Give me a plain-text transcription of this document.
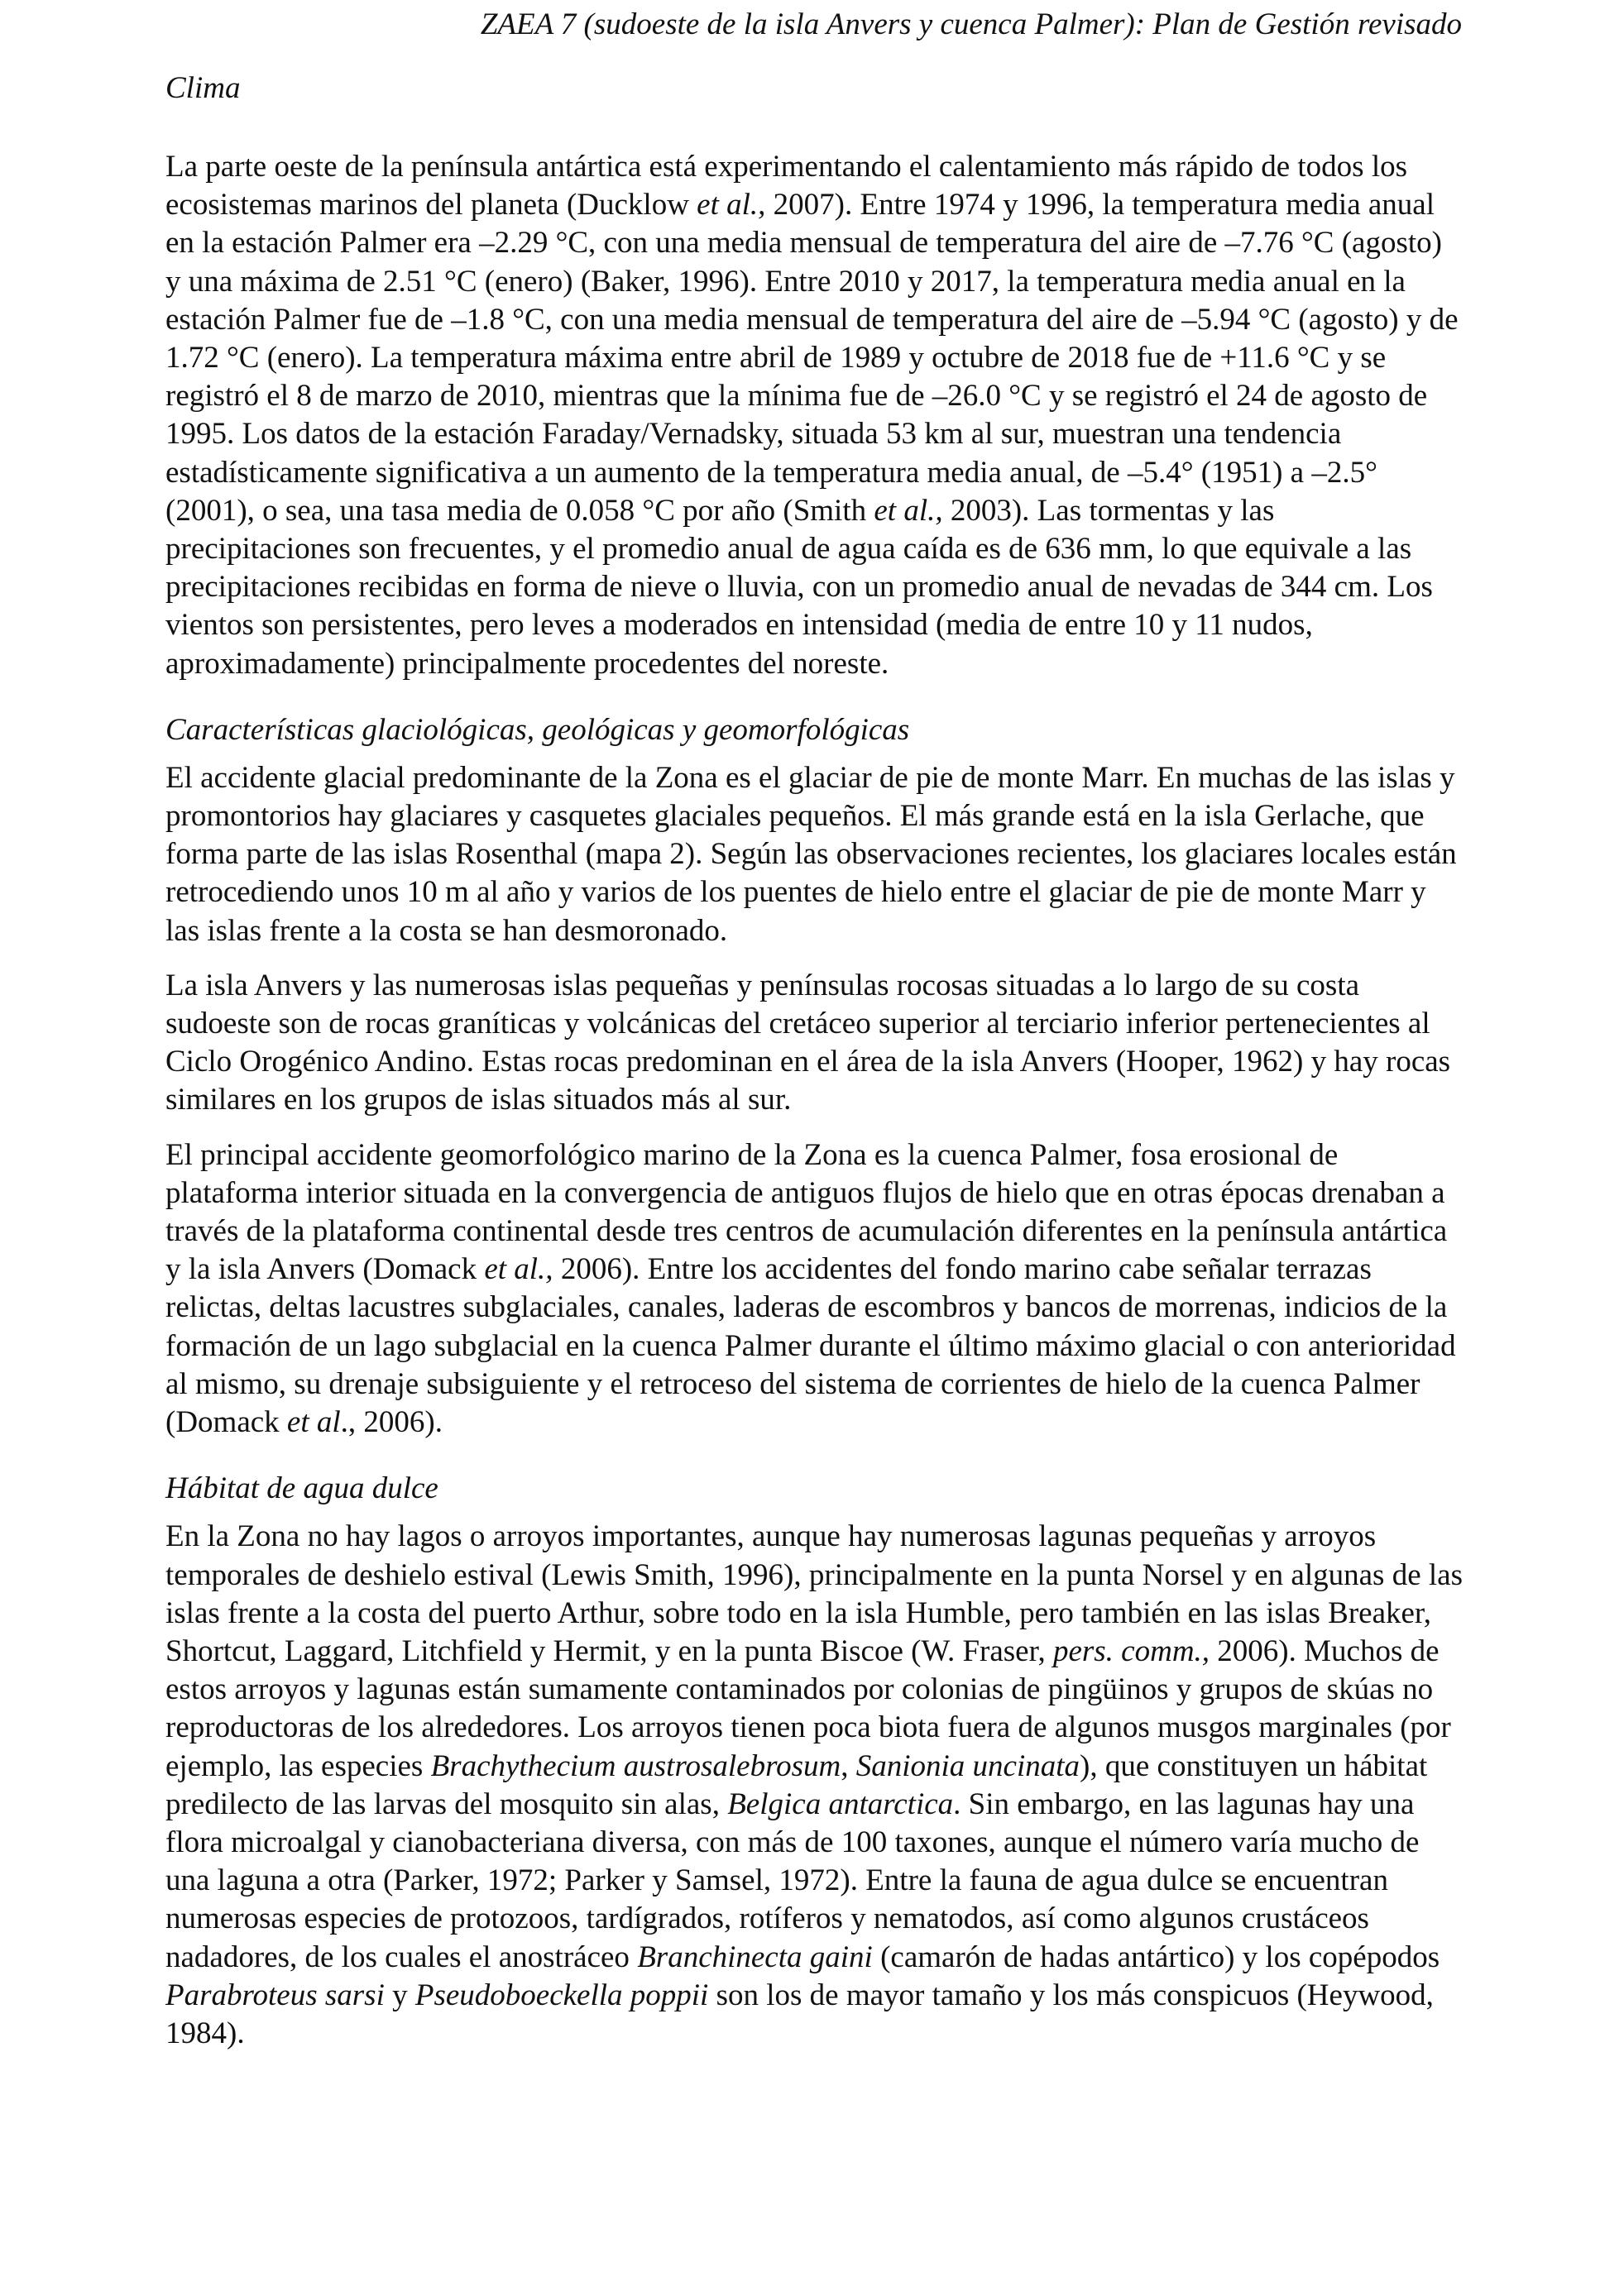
ZAEA 7 (sudoeste de la isla Anvers y cuenca Palmer): Plan de Gestión revisado
Clima

La parte oeste de la península antártica está experimentando el calentamiento más rápido de todos los ecosistemas marinos del planeta (Ducklow et al., 2007). Entre 1974 y 1996, la temperatura media anual en la estación Palmer era –2.29 °C, con una media mensual de temperatura del aire de –7.76 °C (agosto) y una máxima de 2.51 °C (enero) (Baker, 1996). Entre 2010 y 2017, la temperatura media anual en la estación Palmer fue de –1.8 °C, con una media mensual de temperatura del aire de –5.94 °C (agosto) y de 1.72 °C (enero). La temperatura máxima entre abril de 1989 y octubre de 2018 fue de +11.6 °C y se registró el 8 de marzo de 2010, mientras que la mínima fue de –26.0 °C y se registró el 24 de agosto de 1995. Los datos de la estación Faraday/Vernadsky, situada 53 km al sur, muestran una tendencia estadísticamente significativa a un aumento de la temperatura media anual, de –5.4° (1951) a –2.5° (2001), o sea, una tasa media de 0.058 °C por año (Smith et al., 2003). Las tormentas y las precipitaciones son frecuentes, y el promedio anual de agua caída es de 636 mm, lo que equivale a las precipitaciones recibidas en forma de nieve o lluvia, con un promedio anual de nevadas de 344 cm. Los vientos son persistentes, pero leves a moderados en intensidad (media de entre 10 y 11 nudos, aproximadamente) principalmente procedentes del noreste.

Características glaciológicas, geológicas y geomorfológicas

El accidente glacial predominante de la Zona es el glaciar de pie de monte Marr. En muchas de las islas y promontorios hay glaciares y casquetes glaciales pequeños. El más grande está en la isla Gerlache, que forma parte de las islas Rosenthal (mapa 2). Según las observaciones recientes, los glaciares locales están retrocediendo unos 10 m al año y varios de los puentes de hielo entre el glaciar de pie de monte Marr y las islas frente a la costa se han desmoronado.

La isla Anvers y las numerosas islas pequeñas y penínsulas rocosas situadas a lo largo de su costa sudoeste son de rocas graníticas y volcánicas del cretáceo superior al terciario inferior pertenecientes al Ciclo Orogénico Andino. Estas rocas predominan en el área de la isla Anvers (Hooper, 1962) y hay rocas similares en los grupos de islas situados más al sur.

El principal accidente geomorfológico marino de la Zona es la cuenca Palmer, fosa erosional de plataforma interior situada en la convergencia de antiguos flujos de hielo que en otras épocas drenaban a través de la plataforma continental desde tres centros de acumulación diferentes en la península antártica y la isla Anvers (Domack et al., 2006). Entre los accidentes del fondo marino cabe señalar terrazas relictas, deltas lacustres subglaciales, canales, laderas de escombros y bancos de morrenas, indicios de la formación de un lago subglacial en la cuenca Palmer durante el último máximo glacial o con anterioridad al mismo, su drenaje subsiguiente y el retroceso del sistema de corrientes de hielo de la cuenca Palmer (Domack et al., 2006).

Hábitat de agua dulce

En la Zona no hay lagos o arroyos importantes, aunque hay numerosas lagunas pequeñas y arroyos temporales de deshielo estival (Lewis Smith, 1996), principalmente en la punta Norsel y en algunas de las islas frente a la costa del puerto Arthur, sobre todo en la isla Humble, pero también en las islas Breaker, Shortcut, Laggard, Litchfield y Hermit, y en la punta Biscoe (W. Fraser, pers. comm., 2006). Muchos de estos arroyos y lagunas están sumamente contaminados por colonias de pingüinos y grupos de skúas no reproductoras de los alrededores. Los arroyos tienen poca biota fuera de algunos musgos marginales (por ejemplo, las especies Brachythecium austrosalebrosum, Sanionia uncinata), que constituyen un hábitat predilecto de las larvas del mosquito sin alas, Belgica antarctica. Sin embargo, en las lagunas hay una flora microalgal y cianobacteriana diversa, con más de 100 taxones, aunque el número varía mucho de una laguna a otra (Parker, 1972; Parker y Samsel, 1972). Entre la fauna de agua dulce se encuentran numerosas especies de protozoos, tardígrados, rotíferos y nematodos, así como algunos crustáceos nadadores, de los cuales el anostráceo Branchinecta gaini (camarón de hadas antártico) y los copépodos Parabroteus sarsi y Pseudoboeckella poppii son los de mayor tamaño y los más conspicuos (Heywood, 1984).
